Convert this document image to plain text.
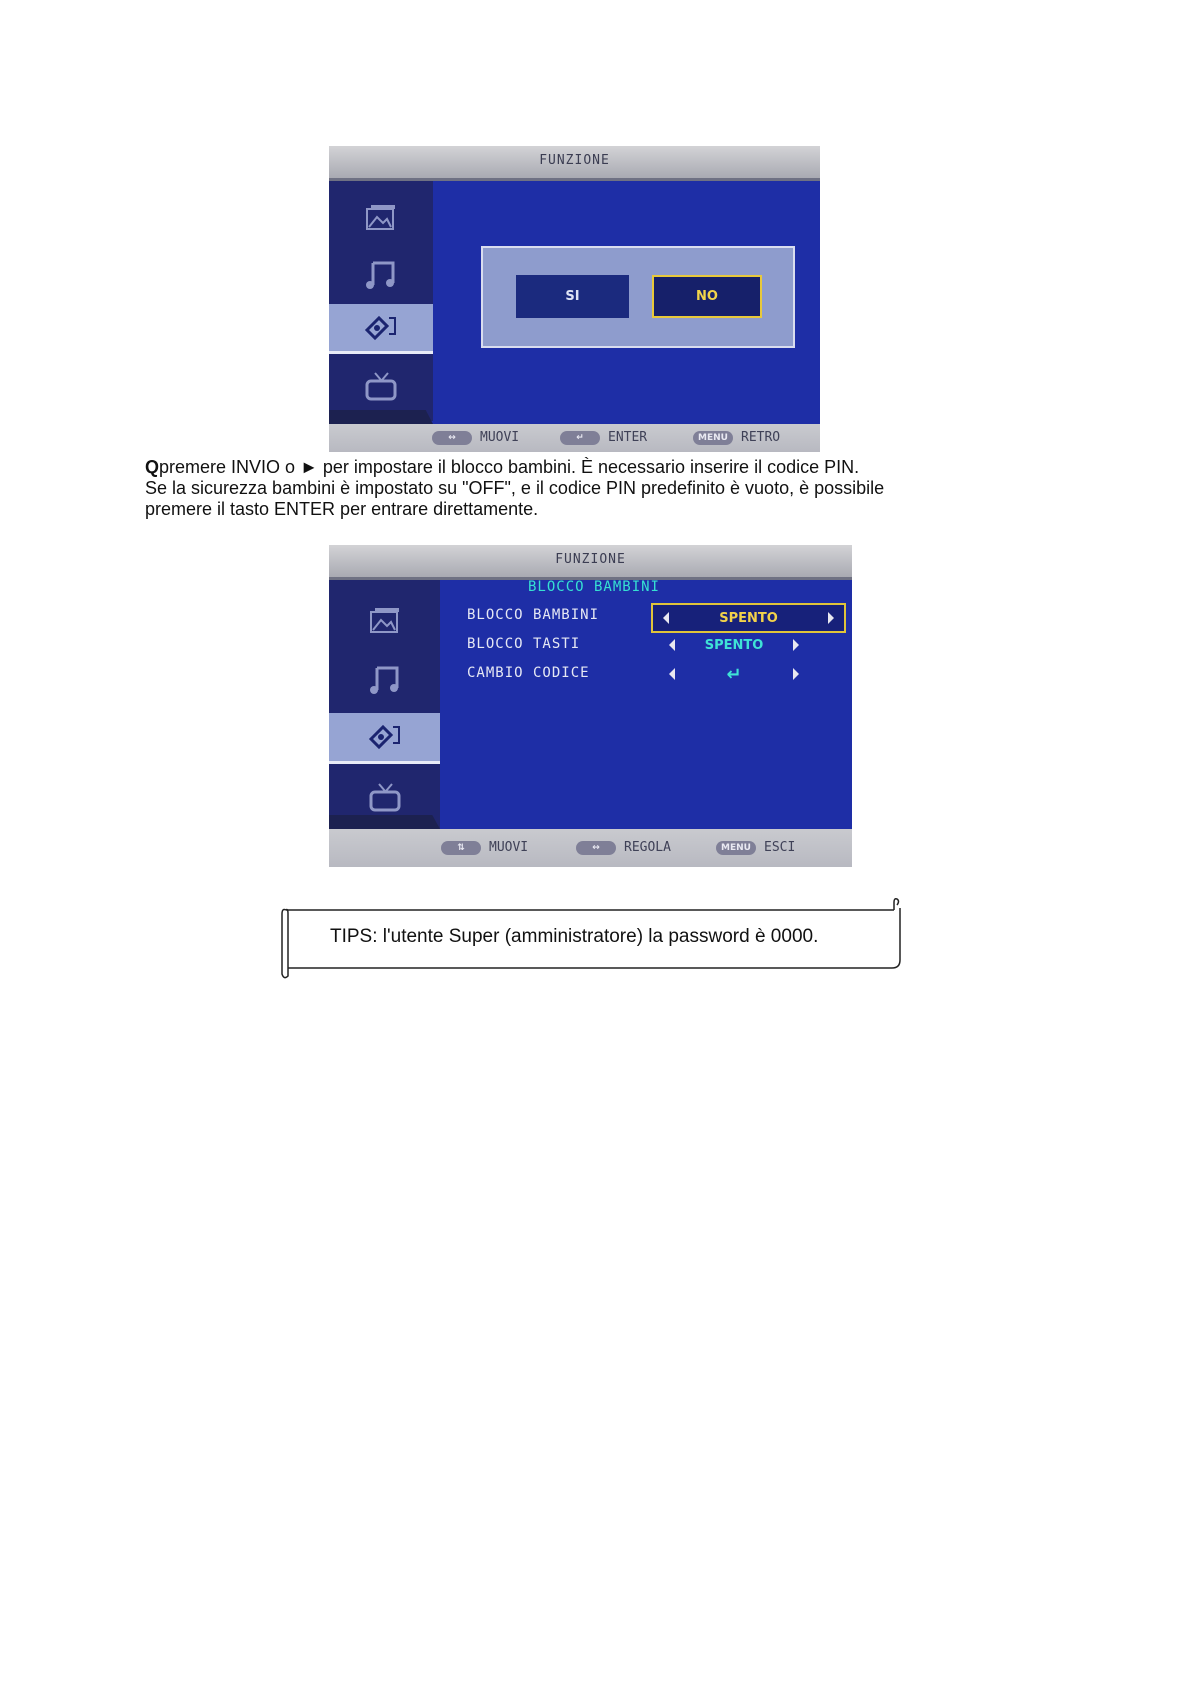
FUNZIONE
SI	NO
↔	MUOVI	↵	ENTER	MENU	RETRO
Qpremere INVIO o ► per impostare il blocco bambini. È necessario inserire il codice PIN.
Se la sicurezza bambini è impostato su "OFF", e il codice PIN predefinito è vuoto, è possibile
premere il tasto ENTER per entrare direttamente.
FUNZIONE
BLOCCO BAMBINI
BLOCCO BAMBINI	SPENTO
BLOCCO TASTI	SPENTO
CAMBIO CODICE	↵
⇅	MUOVI	↔	REGOLA	MENU	ESCI
TIPS: l'utente Super (amministratore) la password è 0000.
